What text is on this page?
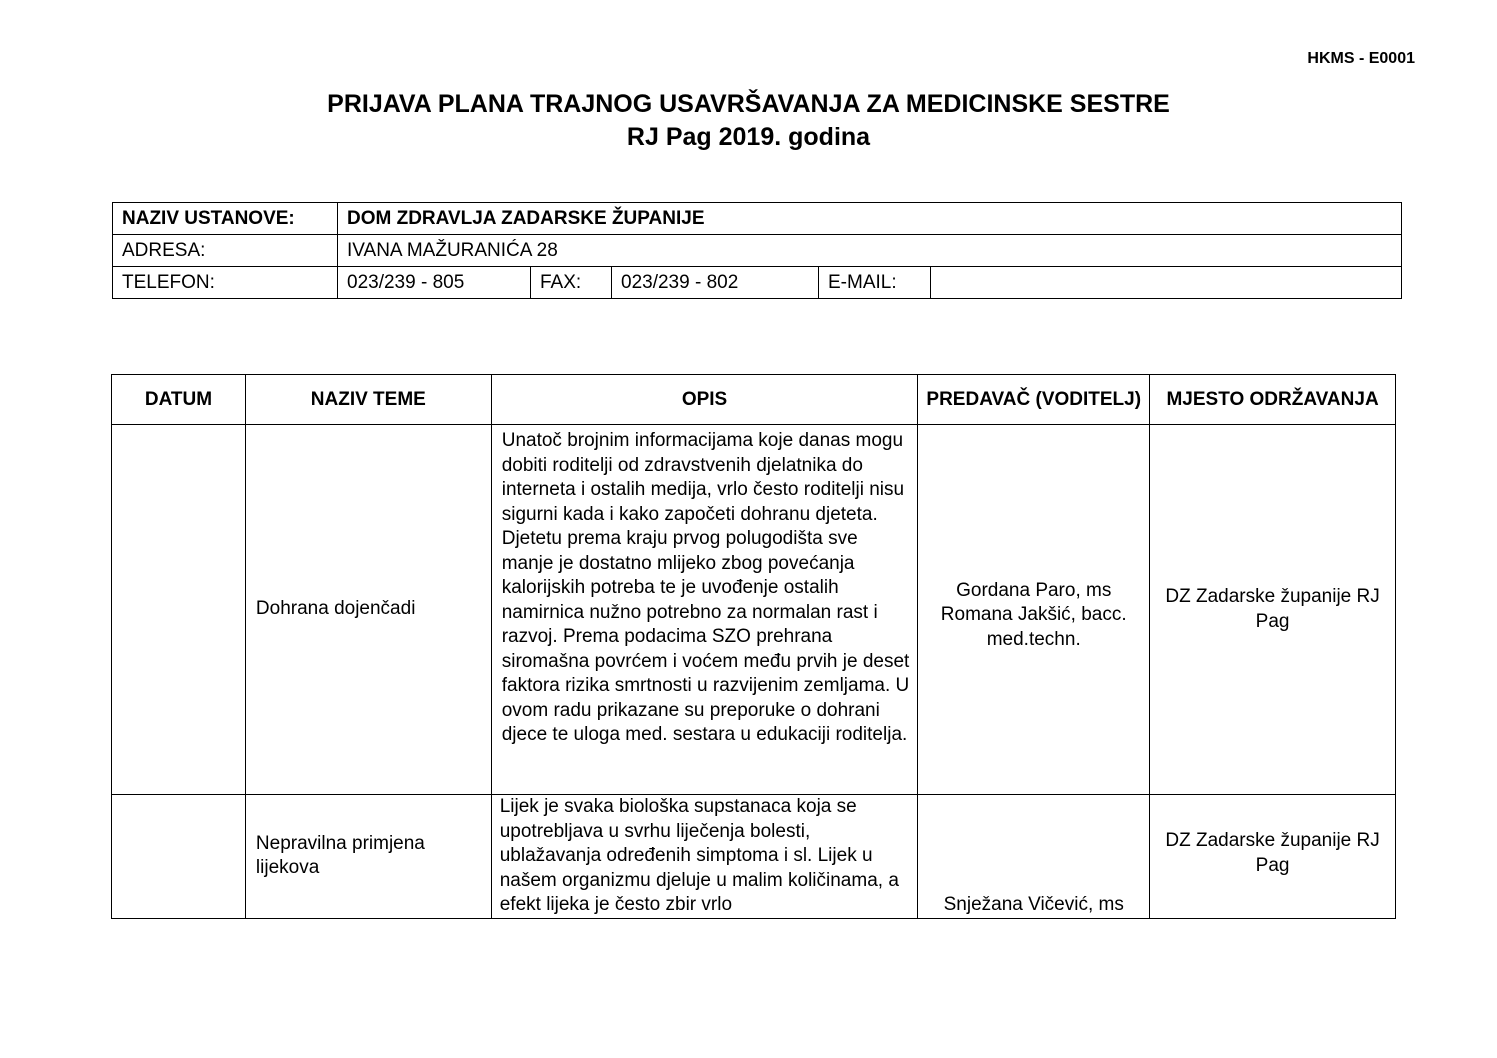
HKMS - E0001
PRIJAVA PLANA TRAJNOG USAVRŠAVANJA ZA MEDICINSKE SESTRE
RJ Pag 2019. godina
NAZIV USTANOVE:	DOM ZDRAVLJA ZADARSKE ŽUPANIJE				
ADRESA:	IVANA MAŽURANIĆA 28				
TELEFON:	023/239 - 805	FAX:	023/239 - 802	E-MAIL:	
DATUM	NAZIV TEME	OPIS	PREDAVAČ (VODITELJ)	MJESTO ODRŽAVANJA
	Dohrana dojenčadi	Unatoč brojnim informacijama koje danas mogu dobiti roditelji od zdravstvenih djelatnika do interneta i ostalih medija, vrlo često roditelji nisu sigurni kada i kako započeti dohranu djeteta. Djetetu prema kraju prvog polugodišta sve manje je dostatno mlijeko zbog povećanja kalorijskih potreba te je uvođenje ostalih namirnica nužno potrebno za normalan rast i razvoj. Prema podacima SZO prehrana siromašna povrćem i voćem među prvih je deset faktora rizika smrtnosti u razvijenim zemljama. U ovom radu prikazane su preporuke o dohrani djece te uloga med. sestara u edukaciji roditelja.	Gordana Paro, ms Romana Jakšić, bacc. med.techn.	DZ Zadarske županije RJ Pag
	Nepravilna primjena lijekova	Lijek je svaka biološka supstanaca koja se upotrebljava u svrhu liječenja bolesti, ublažavanja određenih simptoma i sl. Lijek u našem organizmu djeluje u malim količinama, a efekt lijeka je često zbir vrlo	Snježana Vičević, ms	DZ Zadarske županije RJ Pag
